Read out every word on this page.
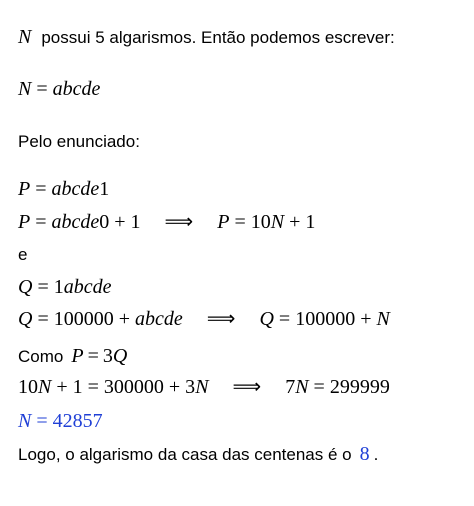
N possui 5 algarismos. Então podemos escrever:
N = abcde
Pelo enunciado:
P = abcde1
P = abcde0 + 1 ⟹ P = 10N + 1
e
Q = 1abcde
Q = 100000 + abcde ⟹ Q = 100000 + N
Como P = 3Q
10N + 1 = 300000 + 3N ⟹ 7N = 299999
N = 42857
Logo, o algarismo da casa das centenas é o 8 .
